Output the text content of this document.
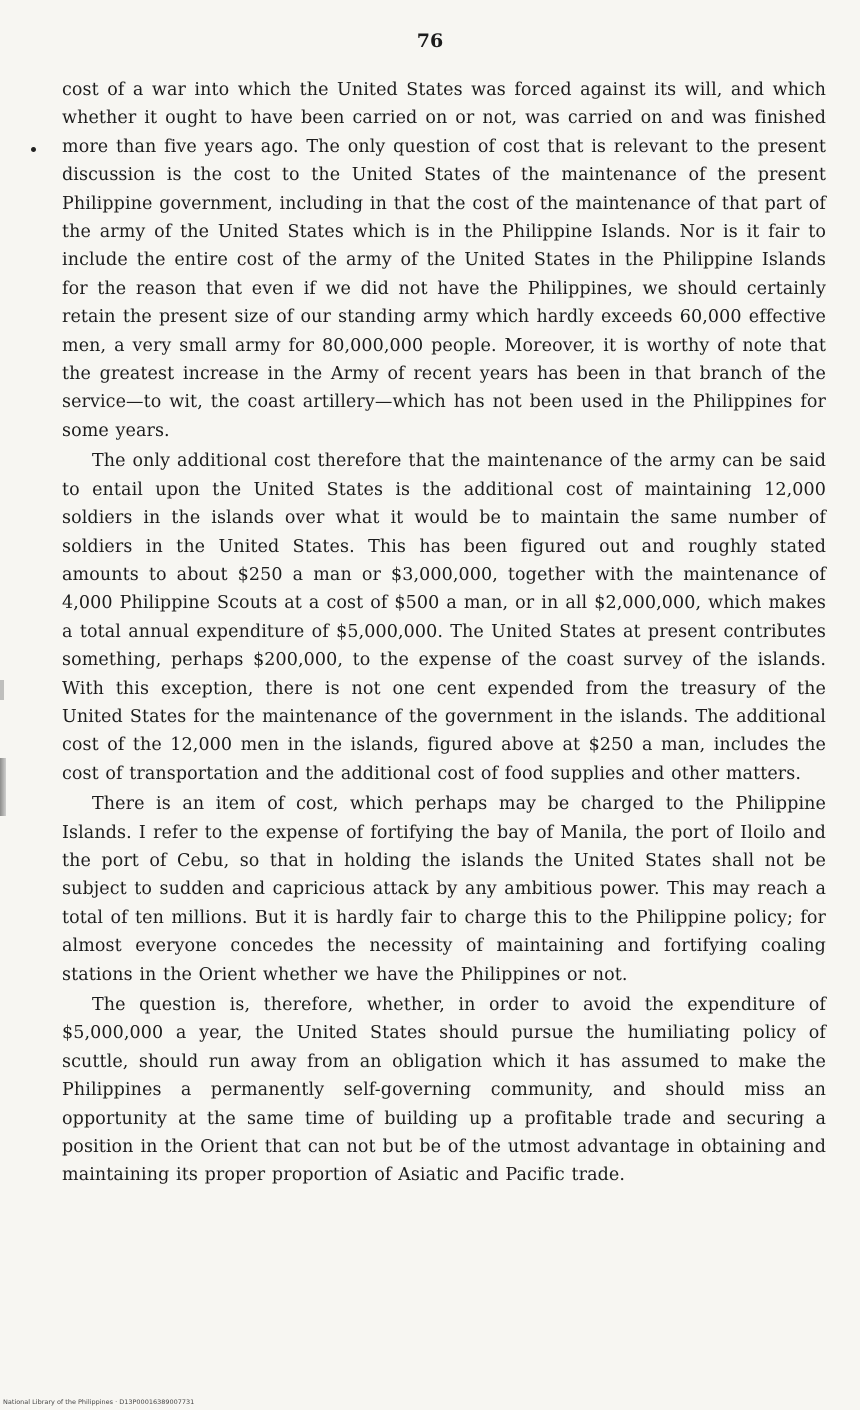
76

cost of a war into which the United States was forced against its will, and which whether it ought to have been carried on or not, was carried on and was finished more than five years ago. The only question of cost that is relevant to the present discussion is the cost to the United States of the maintenance of the present Philippine government, including in that the cost of the maintenance of that part of the army of the United States which is in the Philippine Islands. Nor is it fair to include the entire cost of the army of the United States in the Philippine Islands for the reason that even if we did not have the Philippines, we should certainly retain the present size of our standing army which hardly exceeds 60,000 effective men, a very small army for 80,000,000 people. Moreover, it is worthy of note that the greatest increase in the Army of recent years has been in that branch of the service—to wit, the coast artillery—which has not been used in the Philippines for some years.

The only additional cost therefore that the maintenance of the army can be said to entail upon the United States is the additional cost of maintaining 12,000 soldiers in the islands over what it would be to maintain the same number of soldiers in the United States. This has been figured out and roughly stated amounts to about $250 a man or $3,000,000, together with the maintenance of 4,000 Philippine Scouts at a cost of $500 a man, or in all $2,000,000, which makes a total annual expenditure of $5,000,000. The United States at present contributes something, perhaps $200,000, to the expense of the coast survey of the islands. With this exception, there is not one cent expended from the treasury of the United States for the maintenance of the government in the islands. The additional cost of the 12,000 men in the islands, figured above at $250 a man, includes the cost of transportation and the additional cost of food supplies and other matters.

There is an item of cost, which perhaps may be charged to the Philippine Islands. I refer to the expense of fortifying the bay of Manila, the port of Iloilo and the port of Cebu, so that in holding the islands the United States shall not be subject to sudden and capricious attack by any ambitious power. This may reach a total of ten millions. But it is hardly fair to charge this to the Philippine policy; for almost everyone concedes the necessity of maintaining and fortifying coaling stations in the Orient whether we have the Philippines or not.

The question is, therefore, whether, in order to avoid the expenditure of $5,000,000 a year, the United States should pursue the humiliating policy of scuttle, should run away from an obligation which it has assumed to make the Philippines a permanently self-governing community, and should miss an opportunity at the same time of building up a profitable trade and securing a position in the Orient that can not but be of the utmost advantage in obtaining and maintaining its proper proportion of Asiatic and Pacific trade.

National Library of the Philippines · D13P00016389007731
